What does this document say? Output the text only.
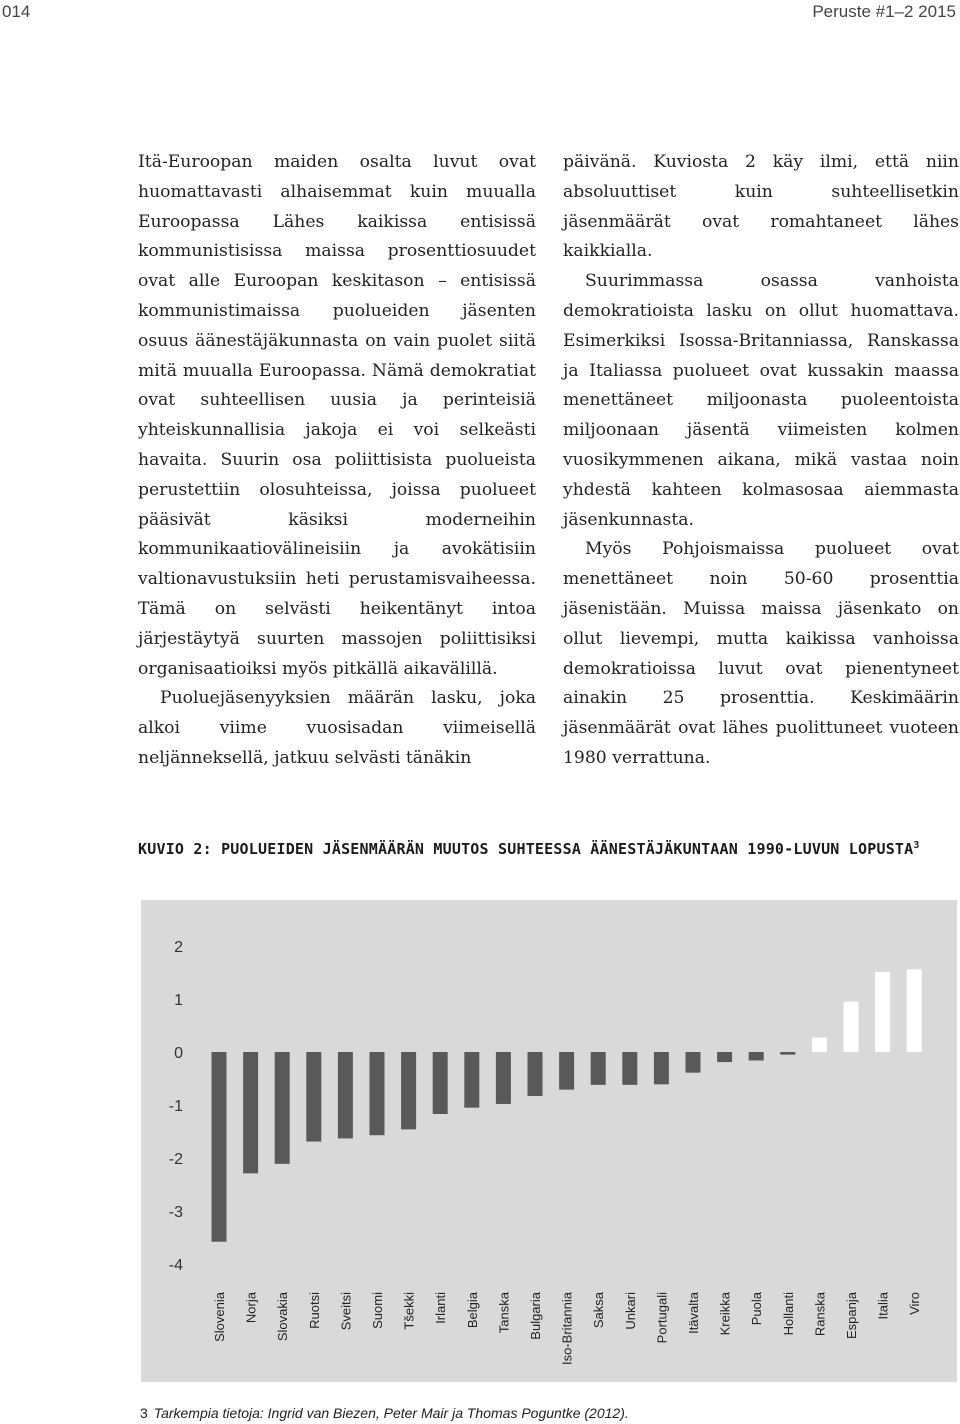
014	Peruste #1–2 2015

Itä-Euroopan maiden osalta luvut ovat huomattavasti alhaisemmat kuin muualla Euroopassa Lähes kaikissa entisissä kommunistisissa maissa prosenttiosuudet ovat alle Euroopan keskitason – entisissä kommunistimaissa puolueiden jäsenten osuus äänestäjäkunnasta on vain puolet siitä mitä muualla Euroopassa. Nämä demokratiat ovat suhteellisen uusia ja perinteisiä yhteiskunnallisia jakoja ei voi selkeästi havaita. Suurin osa poliittisista puolueista perustettiin olosuhteissa, joissa puolueet pääsivät käsiksi moderneihin kommunikaatiovälineisiin ja avokätisiin valtionavustuksiin heti perustamisvaiheessa. Tämä on selvästi heikentänyt intoa järjestäytyä suurten massojen poliittisiksi organisaatioiksi myös pitkällä aikavälillä.

Puoluejäsenyyksien määrän lasku, joka alkoi viime vuosisadan viimeisellä neljänneksellä, jatkuu selvästi tänäkin

päivänä. Kuviosta 2 käy ilmi, että niin absoluuttiset kuin suhteellisetkin jäsenmäärät ovat romahtaneet lähes kaikkialla.

Suurimmassa osassa vanhoista demokratioista lasku on ollut huomattava. Esimerkiksi Isossa-Britanniassa, Ranskassa ja Italiassa puolueet ovat kussakin maassa menettäneet miljoonasta puoleentoista miljoonaan jäsentä viimeisten kolmen vuosikymmenen aikana, mikä vastaa noin yhdestä kahteen kolmasosaa aiemmasta jäsenkunnasta.

Myös Pohjoismaissa puolueet ovat menettäneet noin 50-60 prosenttia jäsenistään. Muissa maissa jäsenkato on ollut lievempi, mutta kaikissa vanhoissa demokratioissa luvut ovat pienentyneet ainakin 25 prosenttia. Keskimäärin jäsenmäärät ovat lähes puolittuneet vuoteen 1980 verrattuna.

KUVIO 2: PUOLUEIDEN JÄSENMÄÄRÄN MUUTOS SUHTEESSA ÄÄNESTÄJÄKUNTAAN 1990-LUVUN LOPUSTA$^3$
2
1
0
-1
-2
-3
-4
Slovenia Norja Slovakia Ruotsi Sveitsi Suomi Tšekki Irlanti Belgia Tanska Bulgaria Iso-Britannia Saksa Unkari Portugali Itävalta Kreikka Puola Hollanti Ranska Espanja Italia Viro
3 Tarkempia tietoja: Ingrid van Biezen, Peter Mair ja Thomas Poguntke (2012).
